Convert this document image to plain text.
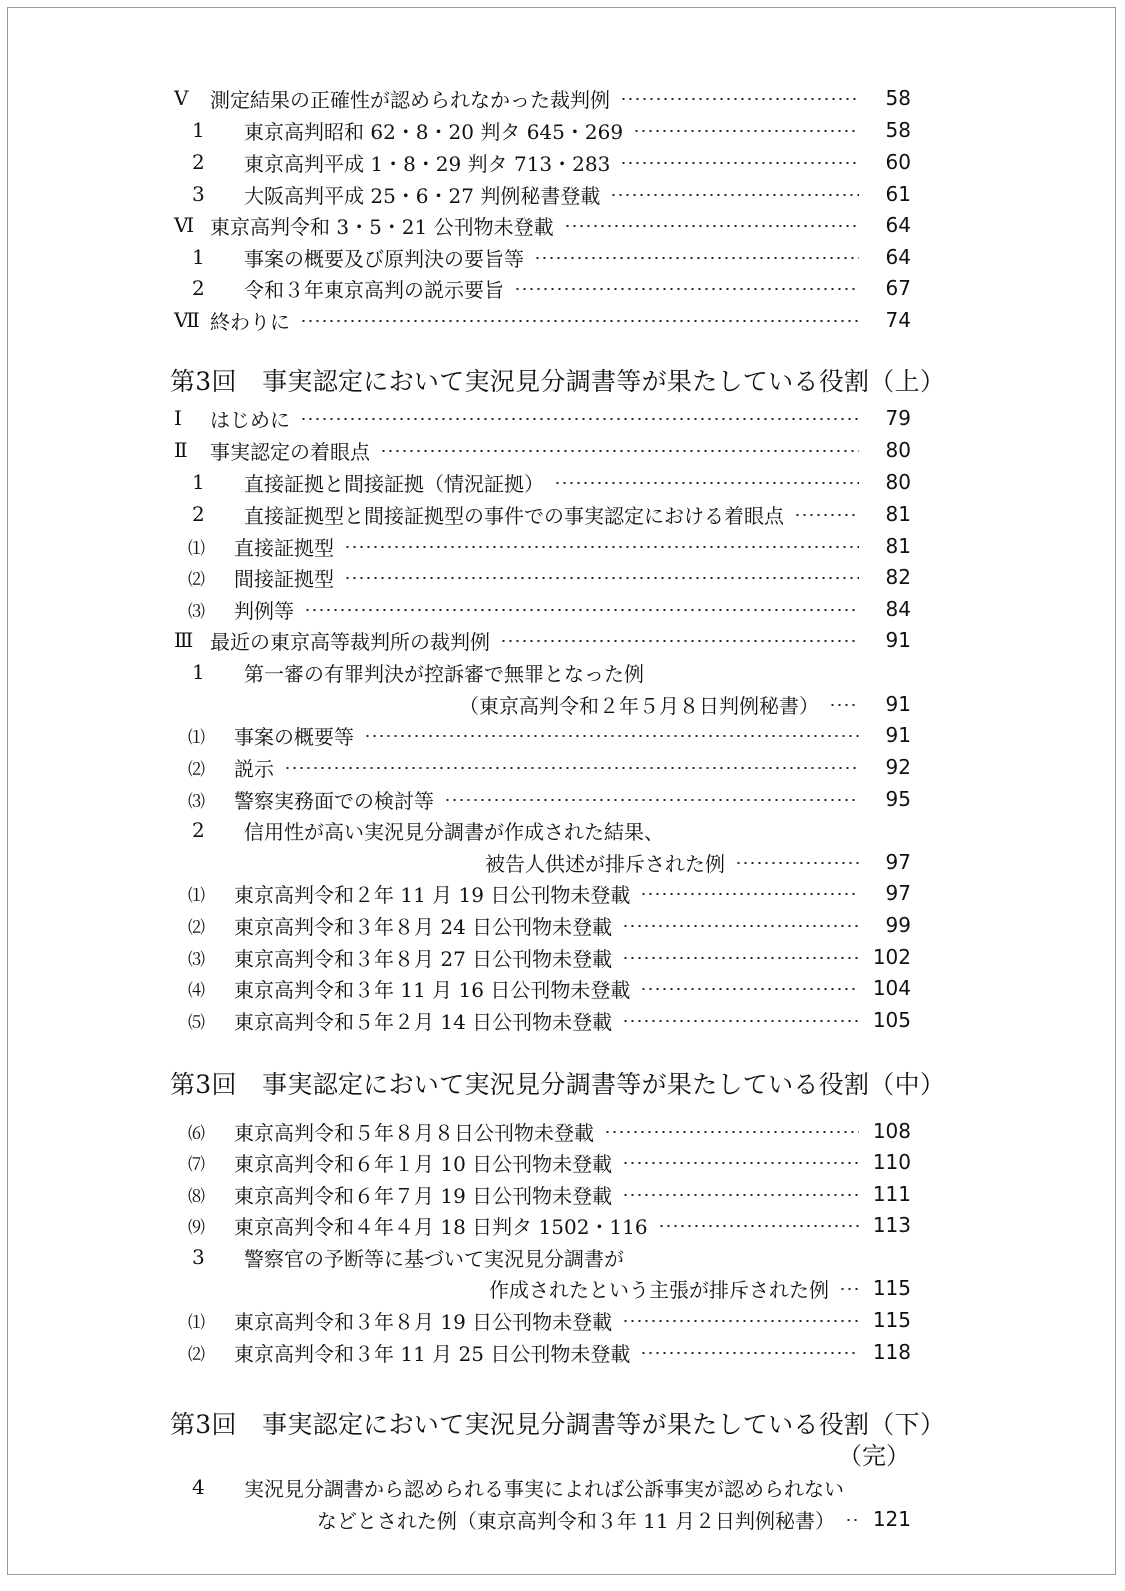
Ⅴ	測定結果の正確性が認められなかった裁判例	58
1	東京高判昭和 62・8・20 判タ 645・269	58
2	東京高判平成 1・8・29 判タ 713・283	60
3	大阪高判平成 25・6・27 判例秘書登載	61
Ⅵ 東京高判令和 3・5・21 公刊物未登載	64
1	事案の概要及び原判決の要旨等	64
2	令和３年東京高判の説示要旨	67
Ⅶ 終わりに	74
第3回　事実認定において実況見分調書等が果たしている役割（上）
Ⅰ	はじめに	79
Ⅱ	事実認定の着眼点	80
1	直接証拠と間接証拠（情況証拠）	80
2	直接証拠型と間接証拠型の事件での事実認定における着眼点	81
⑴	直接証拠型	81
⑵	間接証拠型	82
⑶	判例等	84
Ⅲ 最近の東京高等裁判所の裁判例	91
1	第一審の有罪判決が控訴審で無罪となった例
（東京高判令和２年５月８日判例秘書）	91
⑴	事案の概要等	91
⑵	説示	92
⑶	警察実務面での検討等	95
2	信用性が高い実況見分調書が作成された結果、
被告人供述が排斥された例	97
⑴	東京高判令和２年 11 月 19 日公刊物未登載	97
⑵	東京高判令和３年８月 24 日公刊物未登載	99
⑶	東京高判令和３年８月 27 日公刊物未登載	102
⑷	東京高判令和３年 11 月 16 日公刊物未登載	104
⑸	東京高判令和５年２月 14 日公刊物未登載	105
第3回　事実認定において実況見分調書等が果たしている役割（中）
⑹	東京高判令和５年８月８日公刊物未登載	108
⑺	東京高判令和６年１月 10 日公刊物未登載	110
⑻	東京高判令和６年７月 19 日公刊物未登載	111
⑼	東京高判令和４年４月 18 日判タ 1502・116	113
3	警察官の予断等に基づいて実況見分調書が
作成されたという主張が排斥された例 115
⑴	東京高判令和３年８月 19 日公刊物未登載	115
⑵	東京高判令和３年 11 月 25 日公刊物未登載	118
第3回　事実認定において実況見分調書等が果たしている役割（下）
（完）
4	実況見分調書から認められる事実によれば公訴事実が認められない
などとされた例（東京高判令和３年 11 月２日判例秘書） 121
